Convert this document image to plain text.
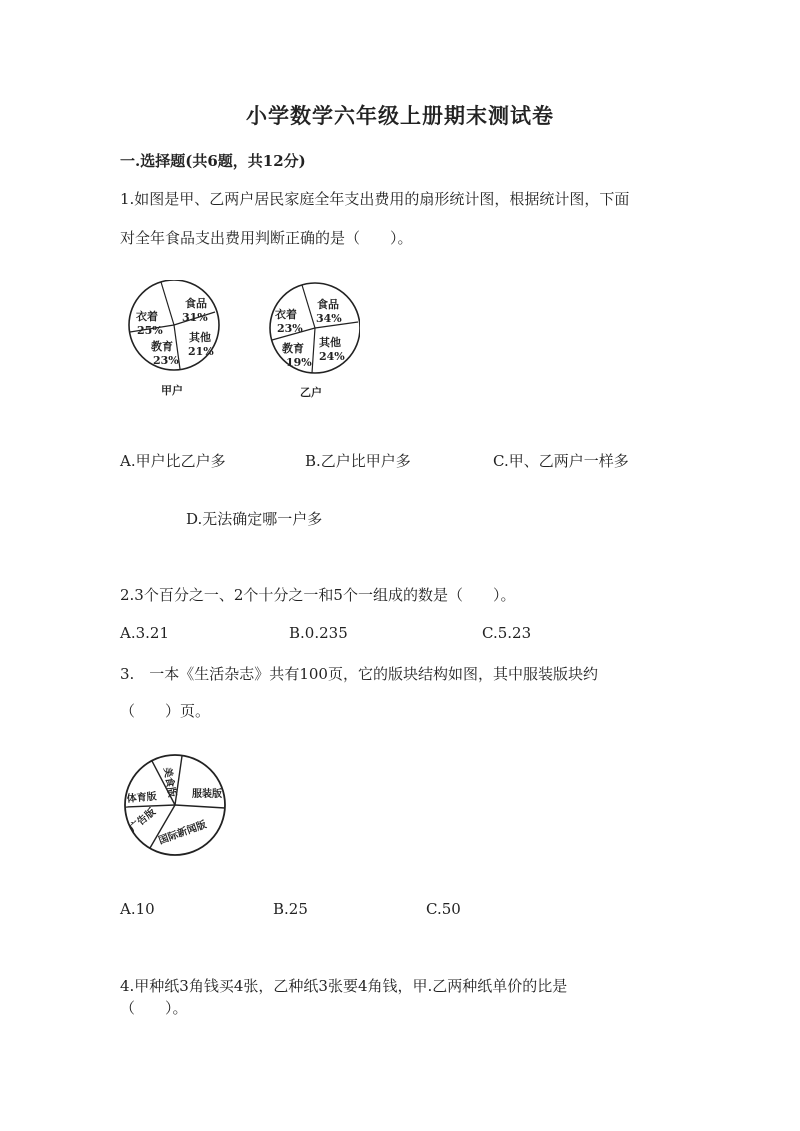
小学数学六年级上册期末测试卷
一.选择题(共6题，共12分)
1.如图是甲、乙两户居民家庭全年支出费用的扇形统计图，根据统计图，下面
对全年食品支出费用判断正确的是（　　）。
食品
31%
其他
21%
教育
23%
衣着
25%
甲户
食品
34%
其他
24%
教育
19%
衣着
23%
乙户
A.甲户比乙户多	B.乙户比甲户多	C.甲、乙两户一样多
D.无法确定哪一户多
2.3个百分之一、2个十分之一和5个一组成的数是（　　）。
A.3.21	B.0.235	C.5.23
3.　一本《生活杂志》共有100页，它的版块结构如图，其中服装版块约
（　　）页。
美食版
体育版
广告版
服装版
国际新闻版
A.10	B.25	C.50
4.甲种纸3角钱买4张，乙种纸3张要4角钱，甲.乙两种纸单价的比是
（　　）。
